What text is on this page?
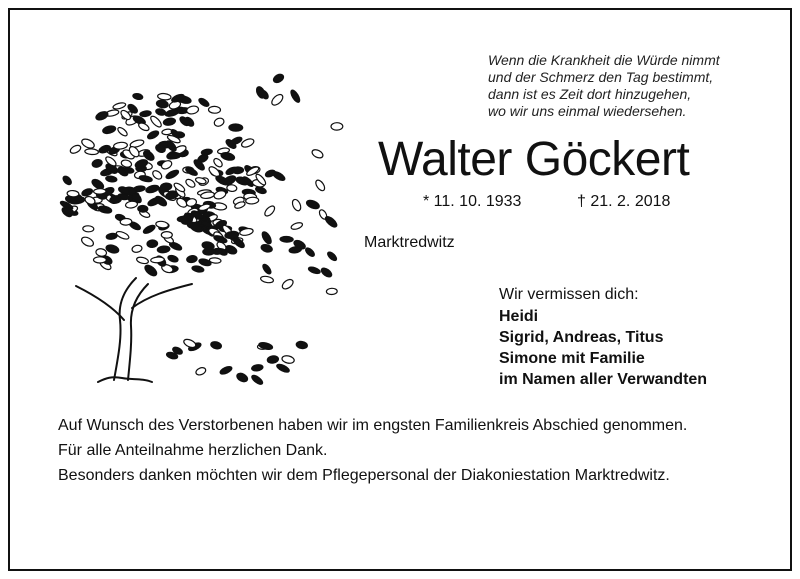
Wenn die Krankheit die Würde nimmt
und der Schmerz den Tag bestimmt,
dann ist es Zeit dort hinzugehen,
wo wir uns einmal wiedersehen.
Walter Göckert
* 11. 10. 1933	† 21. 2. 2018
Marktredwitz
Wir vermissen dich:
Heidi
Sigrid, Andreas, Titus
Simone mit Familie
im Namen aller Verwandten

Auf Wunsch des Verstorbenen haben wir im engsten Familienkreis Abschied genommen.

Für alle Anteilnahme herzlichen Dank.

Besonders danken möchten wir dem Pflegepersonal der Diakoniestation Marktredwitz.
